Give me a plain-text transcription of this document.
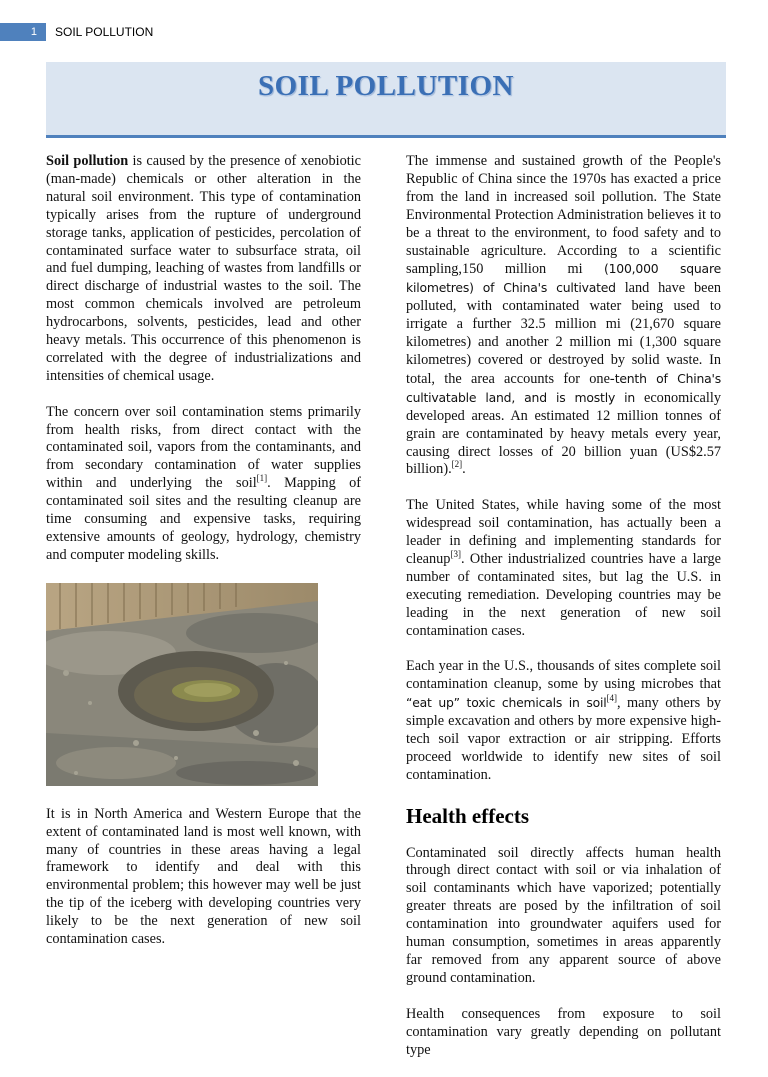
1	SOIL POLLUTION
SOIL POLLUTION

Soil pollution is caused by the presence of xenobiotic (man-made) chemicals or other alteration in the natural soil environment. This type of contamination typically arises from the rupture of underground storage tanks, application of pesticides, percolation of contaminated surface water to subsurface strata, oil and fuel dumping, leaching of wastes from landfills or direct discharge of industrial wastes to the soil. The most common chemicals involved are petroleum hydrocarbons, solvents, pesticides, lead and other heavy metals. This occurrence of this phenomenon is correlated with the degree of industrializations and intensities of chemical usage.

The concern over soil contamination stems primarily from health risks, from direct contact with the contaminated soil, vapors from the contaminants, and from secondary contamination of water supplies within and underlying the soil[1]. Mapping of contaminated soil sites and the resulting cleanup are time consuming and expensive tasks, requiring extensive amounts of geology, hydrology, chemistry and computer modeling skills.

It is in North America and Western Europe that the extent of contaminated land is most well known, with many of countries in these areas having a legal framework to identify and deal with this environmental problem; this however may well be just the tip of the iceberg with developing countries very likely to be the next generation of new soil contamination cases.

The immense and sustained growth of the People's Republic of China since the 1970s has exacted a price from the land in increased soil pollution. The State Environmental Protection Administration believes it to be a threat to the environment, to food safety and to sustainable agriculture. According to a scientific sampling,150 million mi (100,000 square kilometres) of China's cultivated land have been polluted, with contaminated water being used to irrigate a further 32.5 million mi (21,670 square kilometres) and another 2 million mi (1,300 square kilometres) covered or destroyed by solid waste. In total, the area accounts for one-tenth of China's cultivatable land, and is mostly in economically developed areas. An estimated 12 million tonnes of grain are contaminated by heavy metals every year, causing direct losses of 20 billion yuan (US$2.57 billion).[2].

The United States, while having some of the most widespread soil contamination, has actually been a leader in defining and implementing standards for cleanup[3]. Other industrialized countries have a large number of contaminated sites, but lag the U.S. in executing remediation. Developing countries may be leading in the next generation of new soil contamination cases.

Each year in the U.S., thousands of sites complete soil contamination cleanup, some by using microbes that “eat up” toxic chemicals in soil[4], many others by simple excavation and others by more expensive high-tech soil vapor extraction or air stripping. Efforts proceed worldwide to identify new sites of soil contamination.

Health effects

Contaminated soil directly affects human health through direct contact with soil or via inhalation of soil contaminants which have vaporized; potentially greater threats are posed by the infiltration of soil contamination into groundwater aquifers used for human consumption, sometimes in areas apparently far removed from any apparent source of above ground contamination.

Health consequences from exposure to soil contamination vary greatly depending on pollutant type
